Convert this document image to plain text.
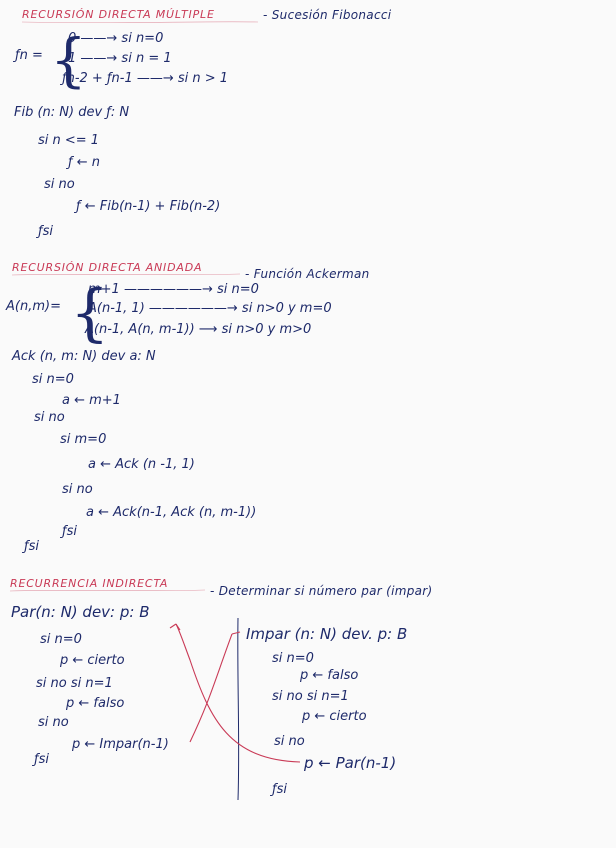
RECURSIÓN DIRECTA MÚLTIPLE	- Sucesión Fibonacci
ƒn = {
0 ——→ si n=0
1 ——→ si n = 1
ƒn-2 + ƒn-1 ——→ si n > 1
Fib (n: N) dev ƒ: N
si n <= 1
ƒ ← n
si no
ƒ ← Fib(n-1) + Fib(n-2)
ƒsi
RECURSIÓN DIRECTA ANIDADA	- Función Ackerman
A(n,m)= {
m+1 ——————→ si n=0
A(n-1, 1) ——————→ si n>0 y m=0
A(n-1, A(n, m-1)) ⟶ si n>0 y m>0
Ack (n, m: N) dev a: N
si n=0
a ← m+1
si no
si m=0
a ← Ack (n -1, 1)
si no
a ← Ack(n-1, Ack (n, m-1))
ƒsi
ƒsi
RECURRENCIA INDIRECTA
- Determinar si número par (impar)
Par(n: N) dev: p: B
si n=0
p ← cierto
si no si n=1
p ← falso
si no
p ← Impar(n-1)
ƒsi
Impar (n: N) dev. p: B
si n=0
p ← falso
si no si n=1
p ← cierto
si no
p ← Par(n-1)
ƒsi
